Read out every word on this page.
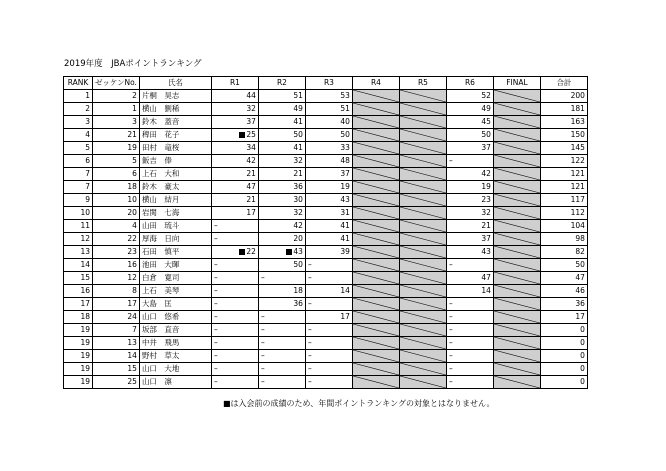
2019年度　JBAポイントランキング
RANK	ゼッケンNo.	氏名	R1	R2	R3	R4	R5	R6	FINAL	合計
1	2	片桐　昊志	44	51	53			52		200
2	1	横山　劉稀	32	49	51			49		181
3	3	鈴木　蓋音	37	41	40			45		163
4	21	稗田　花子	25	50	50			50		150
5	19	田村　竜桜	34	41	33			37		145
6	5	飯吉　俸	42	32	48			–		122
7	6	上石　大和	21	21	37			42		121
7	18	鈴木　豪太	47	36	19			19		121
9	10	横山　結月	21	30	43			23		117
10	20	岩関　七海	17	32	31			32		112
11	4	山田　琉斗	–	42	41			21		104
12	22	厚海　日向	–	20	41			37		98
13	23	石田　慎平	22	43	39			43		82
14	16	池田　大暉	–	50	–			–		50
15	12	白倉　寛司	–	–	–			47		47
16	8	上石　美琴	–	18	14			14		46
17	17	大島　匡	–	36	–			–		36
18	24	山口　悠希	–	–	17			–		17
19	7	坂部　直音	–	–	–			–		0
19	13	中井　飛馬	–	–	–			–		0
19	14	野村　草太	–	–	–			–		0
19	15	山口　大地	–	–	–			–		0
19	25	山口　凛	–	–	–			–		0
■は入会前の成績のため、年間ポイントランキングの対象とはなりません。
